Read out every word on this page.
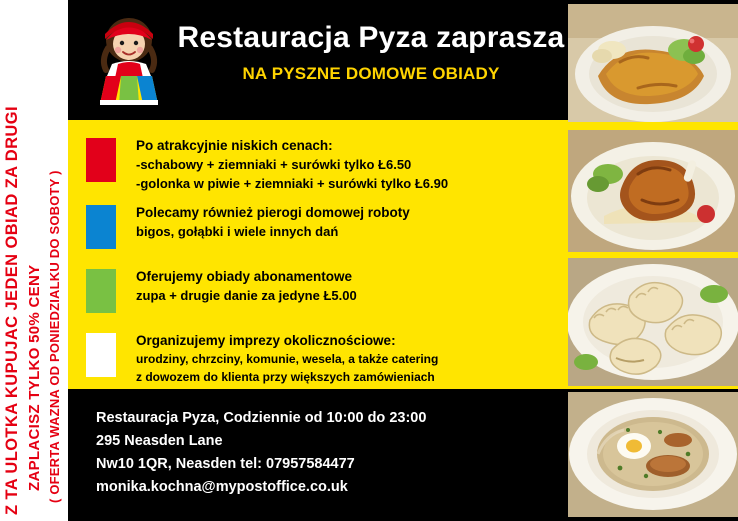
Z TA ULOTKA KUPUJAC JEDEN OBIAD ZA DRUGI ZAPLACISZ TYLKO 50% CENY ( OFERTA WAZNA OD PONIEDZIALKU DO SOBOTY )
Restauracja Pyza zaprasza
NA PYSZNE DOMOWE OBIADY
Po atrakcyjnie niskich cenach:
-schabowy + ziemniaki + surówki tylko Ł6.50
-golonka w piwie + ziemniaki + surówki tylko Ł6.90
Polecamy również pierogi domowej roboty
bigos, gołąbki i wiele innych dań
Oferujemy obiady abonamentowe
zupa + drugie danie za jedyne Ł5.00
Organizujemy imprezy okolicznościowe:
urodziny, chrzciny, komunie, wesela, a także catering
z dowozem do klienta przy większych zamówieniach
Restauracja Pyza, Codziennie od 10:00 do 23:00
295 Neasden Lane
Nw10 1QR, Neasden tel: 07957584477
monika.kochna@mypostoffice.co.uk
